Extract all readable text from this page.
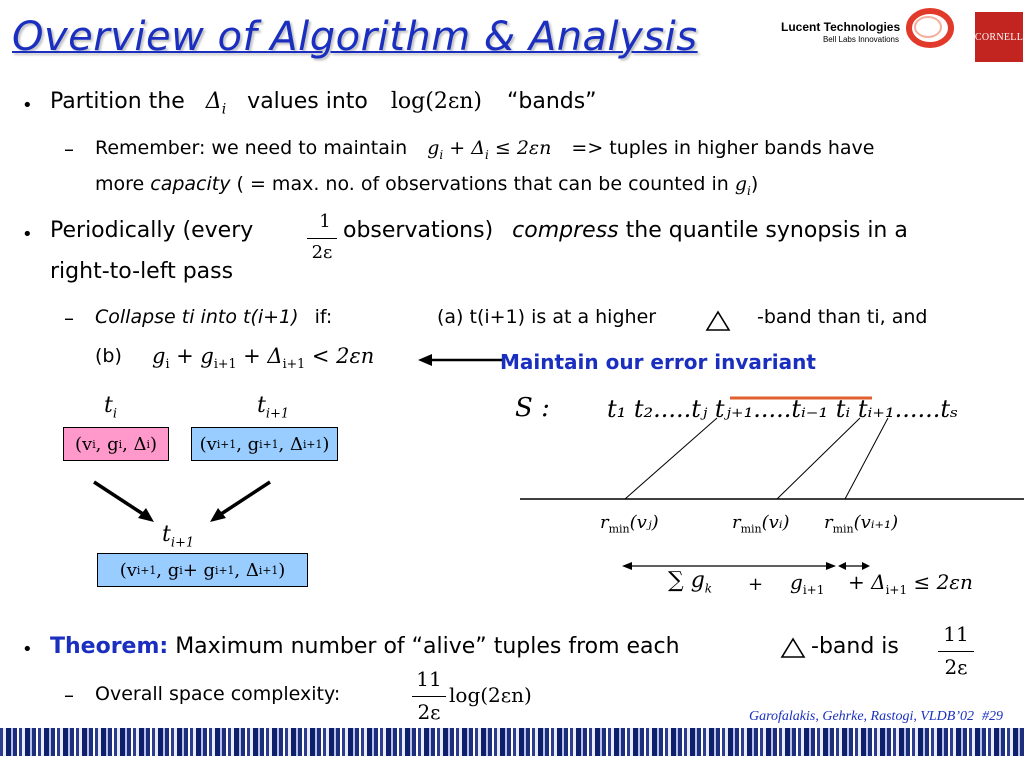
Overview of Algorithm & Analysis	Lucent Technologies
Bell Labs Innovations	CORNELL
• Partition the $\Delta_i$ values into log(2εn) “bands”
– Remember: we need to maintain $g_i + \Delta_i \le 2\varepsilon n$ => tuples in higher bands have
more capacity ( = max. no. of observations that can be counted in $g_i$)
• Periodically (every	1
2ε
observations) compress the quantile synopsis in a
right-to-left pass
– Collapse ti into t(i+1) if:	(a) t(i+1) is at a higher	-band than ti, and
(b) $g_i + g_{i+1} + \Delta_{i+1} < 2\varepsilon n$	Maintain our error invariant
$t_i$	$t_{i+1}$
(v i , g i , Δ i )	(v i+1 , g i+1 , Δ i+1 )
$t_{i+1}$
(v i+1 , g i + g i+1 , Δ i+1 )
S : t₁ t₂.....tⱼ tⱼ₊₁.....tᵢ₋₁ tᵢ tᵢ₊₁......tₛ
$r_{min}(vⱼ)$	$r_{min}(vᵢ)$ $r_{min}(vᵢ_{+1})$
∑ $g_k + g_{i+1} + \Delta_{i+1} \le 2\varepsilon n$
• Theorem: Maximum number of “alive” tuples from each	-band is 11
2ε
– Overall space complexity:
11
2ε
log(2εn)
Garofalakis, Gehrke, Rastogi, VLDB’02 #29
